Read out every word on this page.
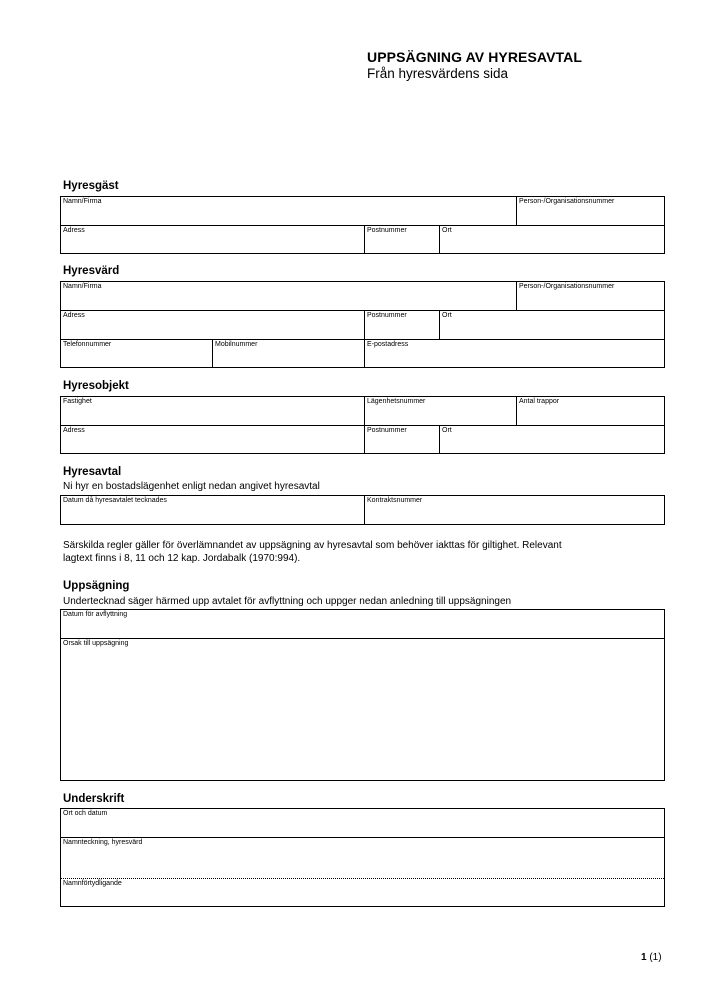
UPPSÄGNING AV HYRESAVTAL
Från hyresvärdens sida
Hyresgäst
Namn/Firma	Person-/Organisationsnummer
Adress	Postnummer	Ort
Hyresvärd
Namn/Firma	Person-/Organisationsnummer
Adress	Postnummer	Ort
Telefonnummer	Mobilnummer	E-postadress
Hyresobjekt
Fastighet	Lägenhetsnummer	Antal trappor
Adress	Postnummer	Ort
Hyresavtal
Ni hyr en bostadslägenhet enligt nedan angivet hyresavtal
Datum då hyresavtalet tecknades	Kontraktsnummer
Särskilda regler gäller för överlämnandet av uppsägning av hyresavtal som behöver iakttas för giltighet. Relevant
lagtext finns i 8, 11 och 12 kap. Jordabalk (1970:994).
Uppsägning
Undertecknad säger härmed upp avtalet för avflyttning och uppger nedan anledning till uppsägningen
Datum för avflyttning
Orsak till uppsägning
Underskrift
Ort och datum
Namnteckning, hyresvärd
Namnförtydligande
1 (1)
